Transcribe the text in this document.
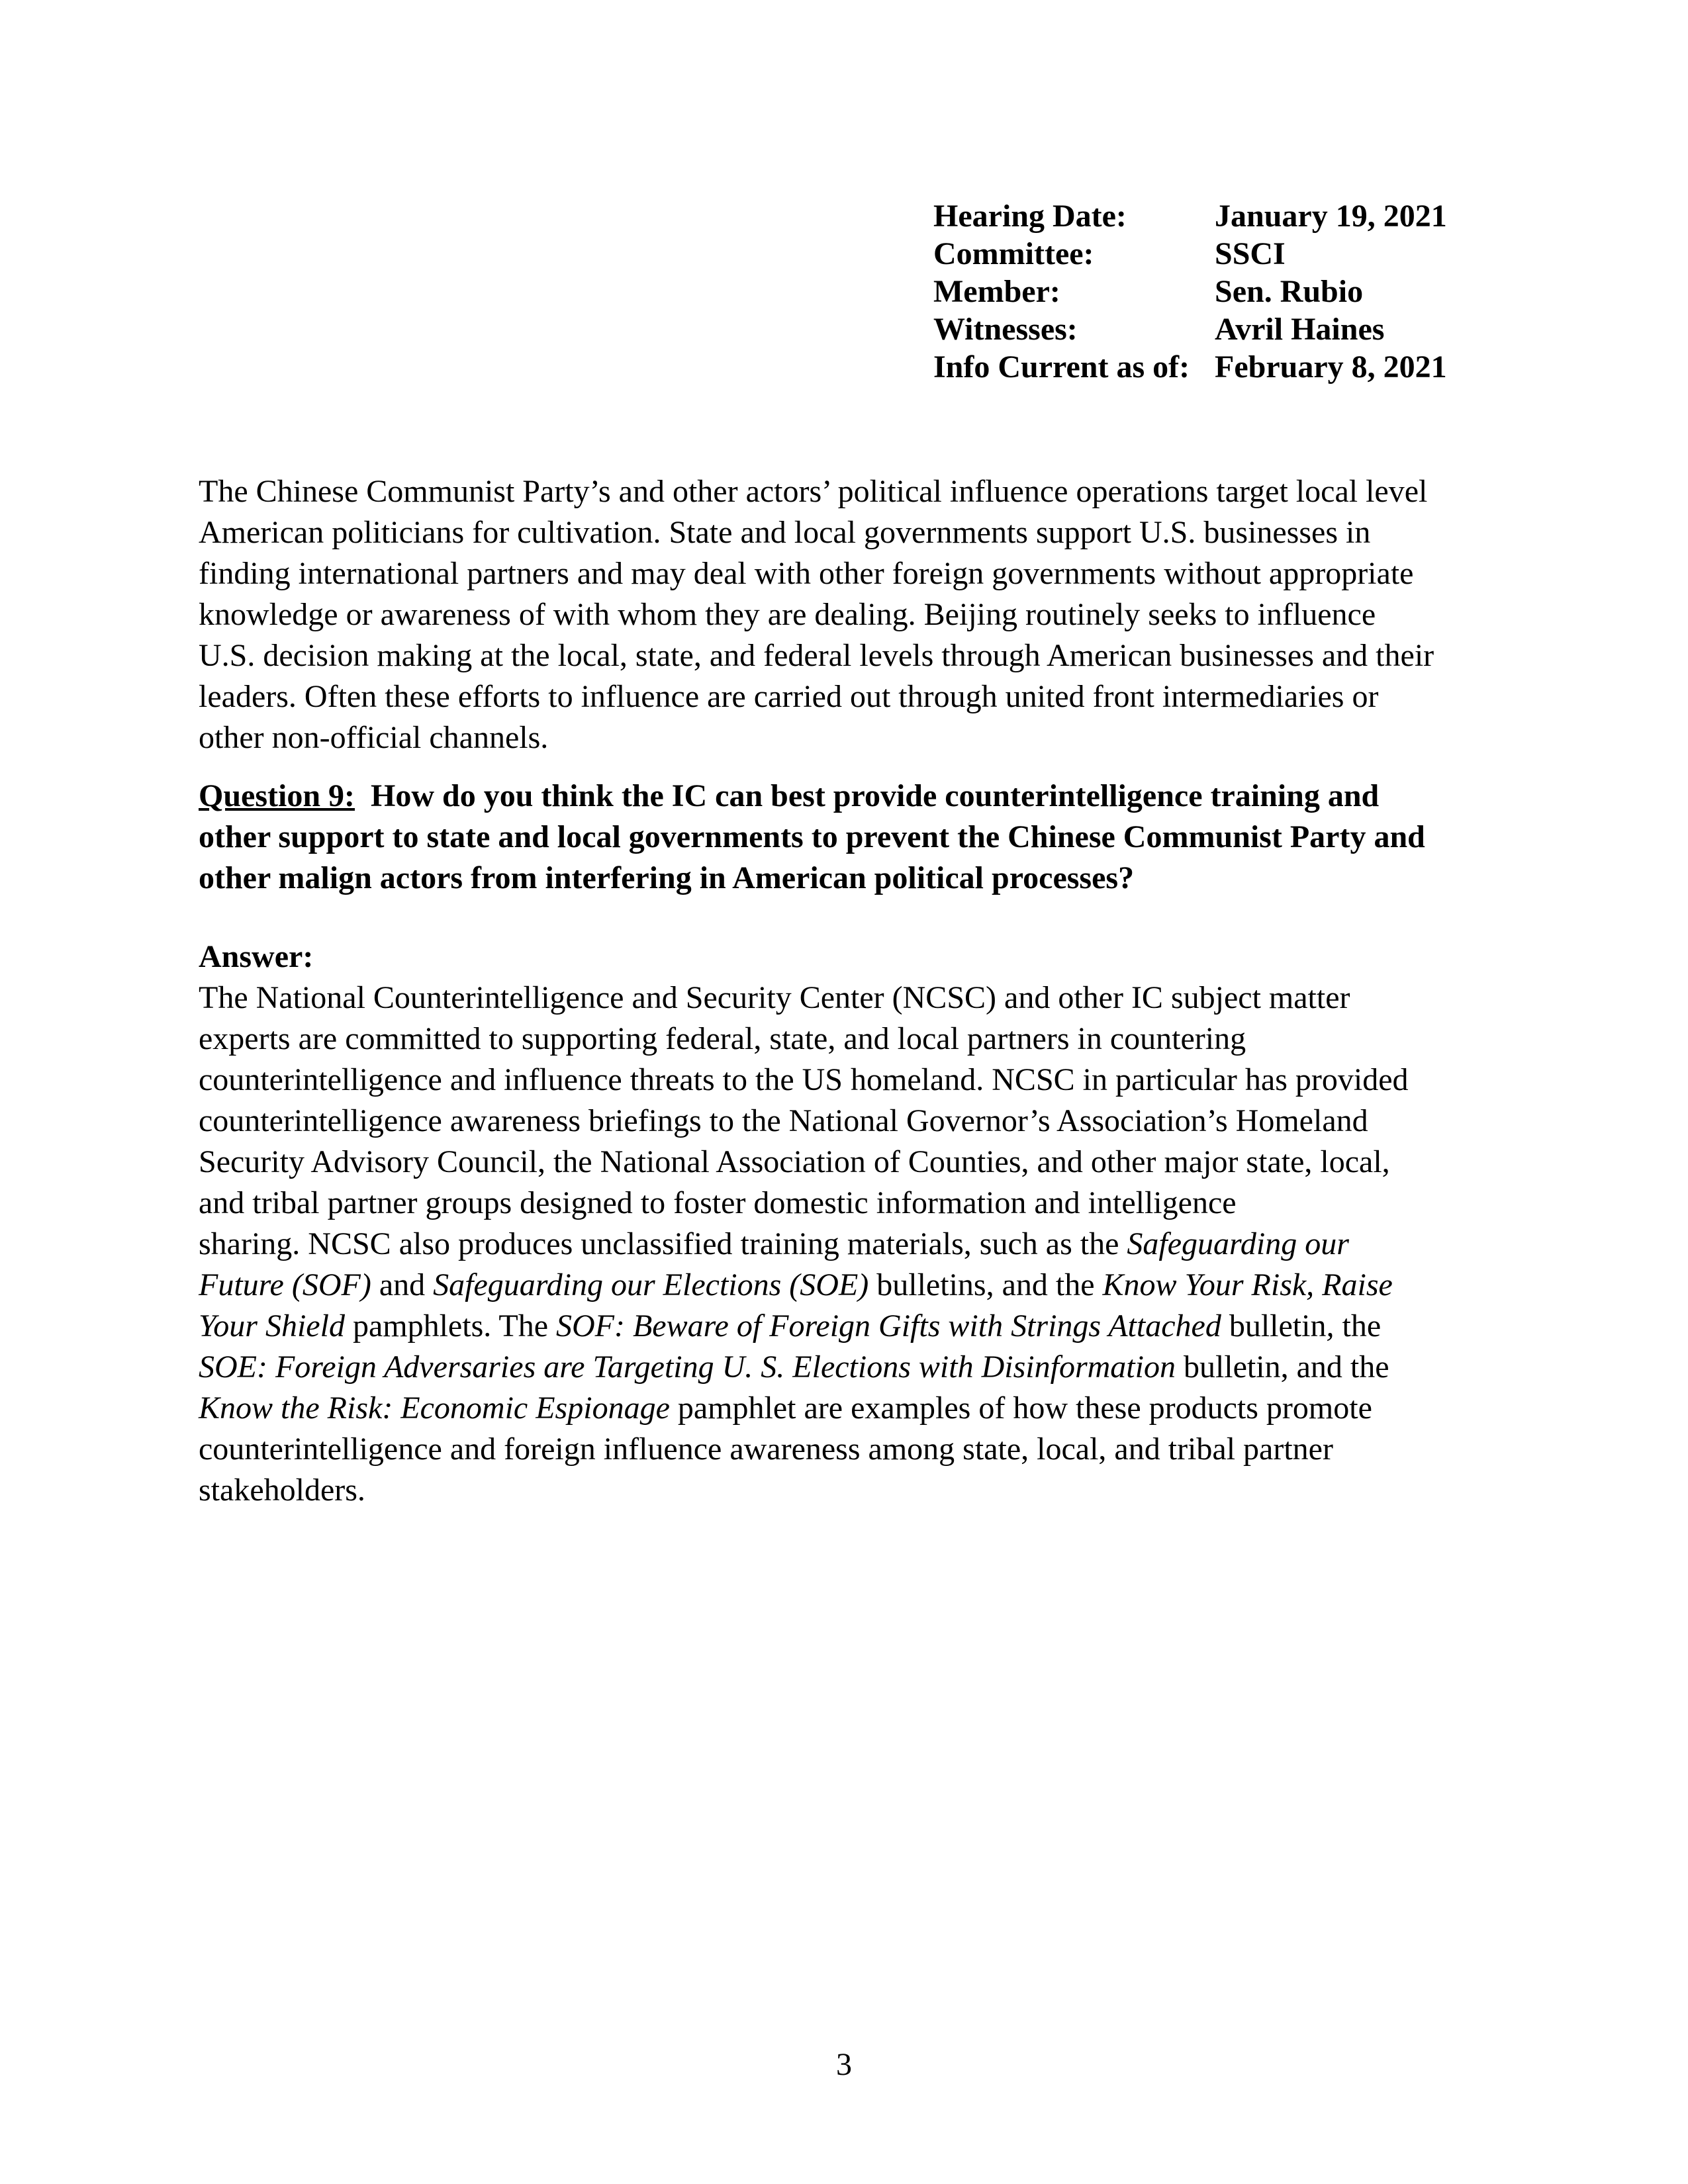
Hearing Date:	January 19, 2021
Committee:	SSCI
Member:	Sen. Rubio
Witnesses:	Avril Haines
Info Current as of:	February 8, 2021
The Chinese Communist Party’s and other actors’ political influence operations target local level
American politicians for cultivation. State and local governments support U.S. businesses in
finding international partners and may deal with other foreign governments without appropriate
knowledge or awareness of with whom they are dealing. Beijing routinely seeks to influence
U.S. decision making at the local, state, and federal levels through American businesses and their
leaders. Often these efforts to influence are carried out through united front intermediaries or
other non-official channels.
Question 9: How do you think the IC can best provide counterintelligence training and
other support to state and local governments to prevent the Chinese Communist Party and
other malign actors from interfering in American political processes?
Answer:
The National Counterintelligence and Security Center (NCSC) and other IC subject matter
experts are committed to supporting federal, state, and local partners in countering
counterintelligence and influence threats to the US homeland. NCSC in particular has provided
counterintelligence awareness briefings to the National Governor’s Association’s Homeland
Security Advisory Council, the National Association of Counties, and other major state, local,
and tribal partner groups designed to foster domestic information and intelligence
sharing. NCSC also produces unclassified training materials, such as the Safeguarding our
Future (SOF) and Safeguarding our Elections (SOE) bulletins, and the Know Your Risk, Raise
Your Shield pamphlets. The SOF: Beware of Foreign Gifts with Strings Attached bulletin, the
SOE: Foreign Adversaries are Targeting U. S. Elections with Disinformation bulletin, and the
Know the Risk: Economic Espionage pamphlet are examples of how these products promote
counterintelligence and foreign influence awareness among state, local, and tribal partner
stakeholders.
3
